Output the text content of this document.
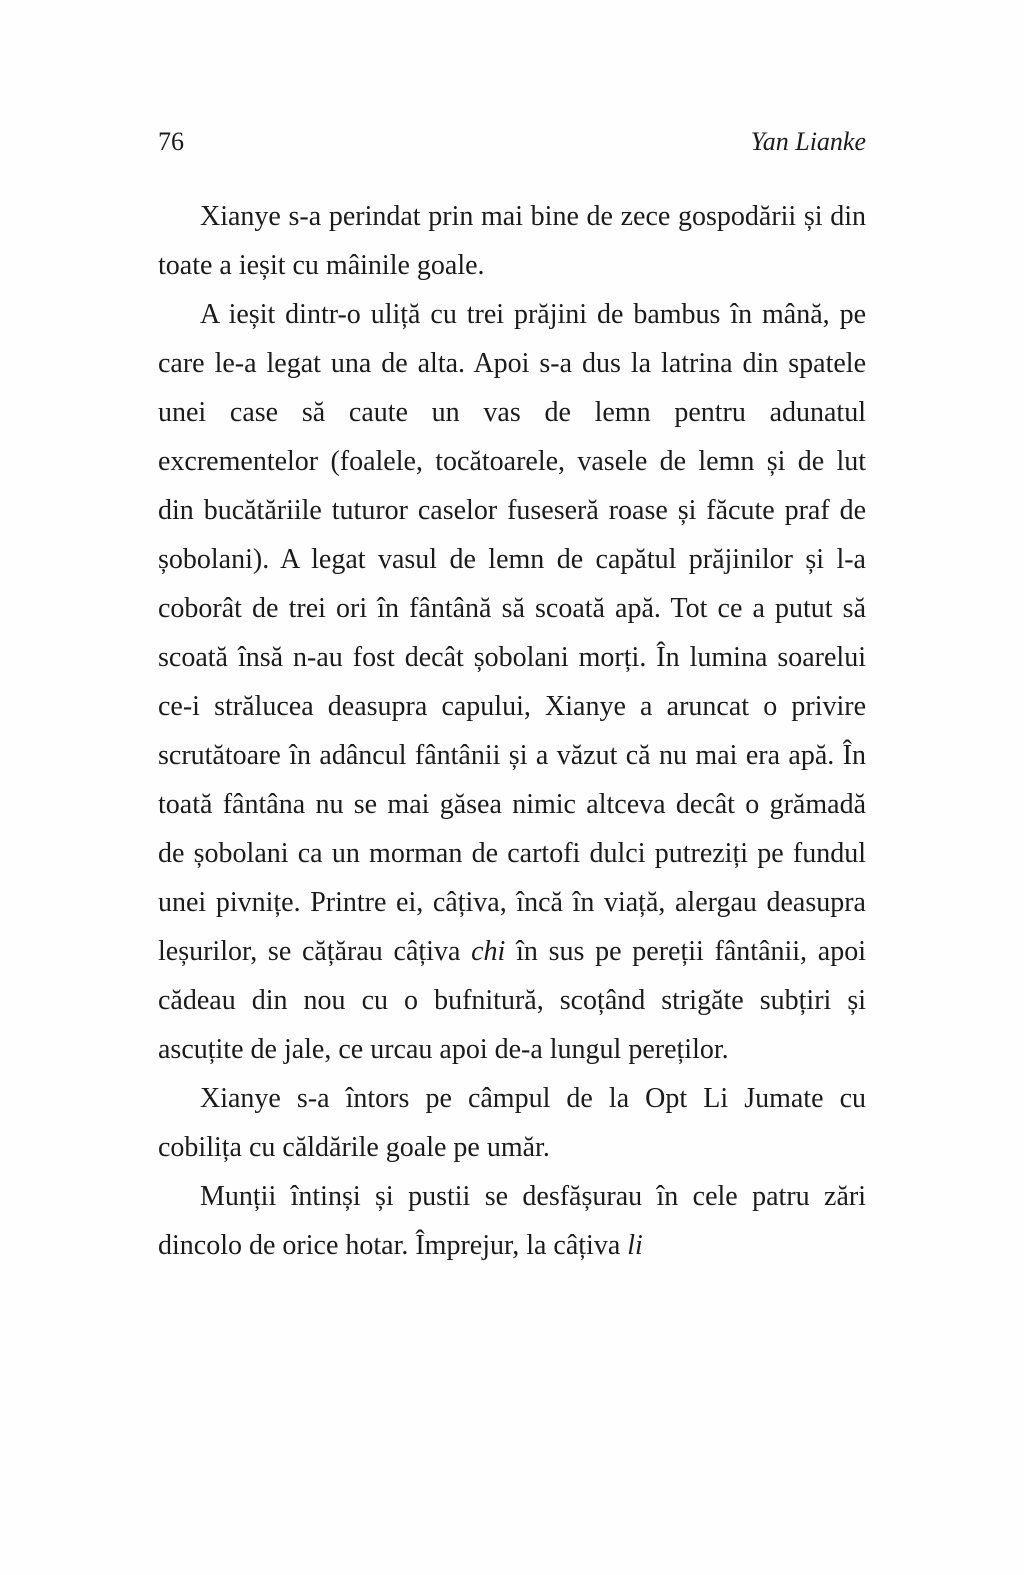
76	Yan Lianke

Xianye s-a perindat prin mai bine de zece gospodării și din toate a ieșit cu mâinile goale.

A ieșit dintr-o uliță cu trei prăjini de bambus în mână, pe care le-a legat una de alta. Apoi s-a dus la latrina din spatele unei case să caute un vas de lemn pentru adunatul excrementelor (foalele, tocătoarele, vasele de lemn și de lut din bucătăriile tuturor caselor fuseseră roase și făcute praf de șobolani). A legat vasul de lemn de capătul prăjinilor și l-a coborât de trei ori în fântână să scoată apă. Tot ce a putut să scoată însă n-au fost decât șobolani morți. În lumina soarelui ce-i strălucea deasupra capului, Xianye a aruncat o privire scrutătoare în adâncul fântânii și a văzut că nu mai era apă. În toată fântâna nu se mai găsea nimic altceva decât o grămadă de șobolani ca un morman de cartofi dulci putreziți pe fundul unei pivnițe. Printre ei, câțiva, încă în viață, alergau deasupra leșurilor, se cățărau câțiva chi în sus pe pereții fântânii, apoi cădeau din nou cu o bufnitură, scoțând strigăte subțiri și ascuțite de jale, ce urcau apoi de-a lungul pereților.

Xianye s-a întors pe câmpul de la Opt Li Jumate cu cobilița cu căldările goale pe umăr.

Munții întinși și pustii se desfășurau în cele patru zări dincolo de orice hotar. Împrejur, la câțiva li
